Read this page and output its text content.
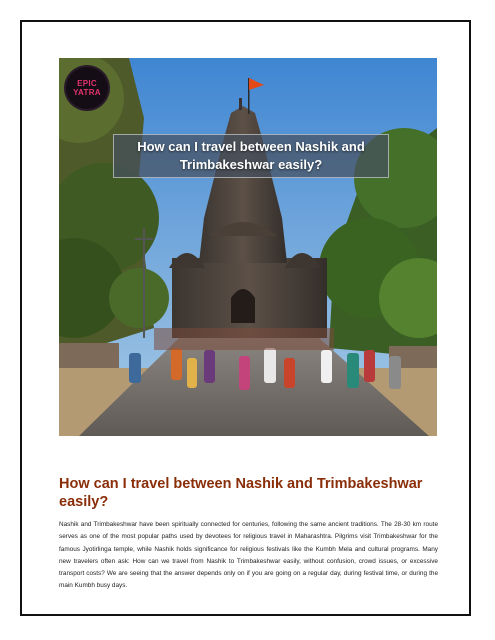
EPIC
YATRA
How can I travel between Nashik and Trimbakeshwar easily?
How can I travel between Nashik and Trimbakeshwar easily?

Nashik and Trimbakeshwar have been spiritually connected for centuries, following the same ancient traditions. The 28-30 km route serves as one of the most popular paths used by devotees for religious travel in Maharashtra. Pilgrims visit Trimbakeshwar for the famous Jyotirlinga temple, while Nashik holds significance for religious festivals like the Kumbh Mela and cultural programs. Many new travelers often ask: How can we travel from Nashik to Trimbakeshwar easily, without confusion, crowd issues, or excessive transport costs? We are seeing that the answer depends only on if you are going on a regular day, during festival time, or during the main Kumbh busy days.
